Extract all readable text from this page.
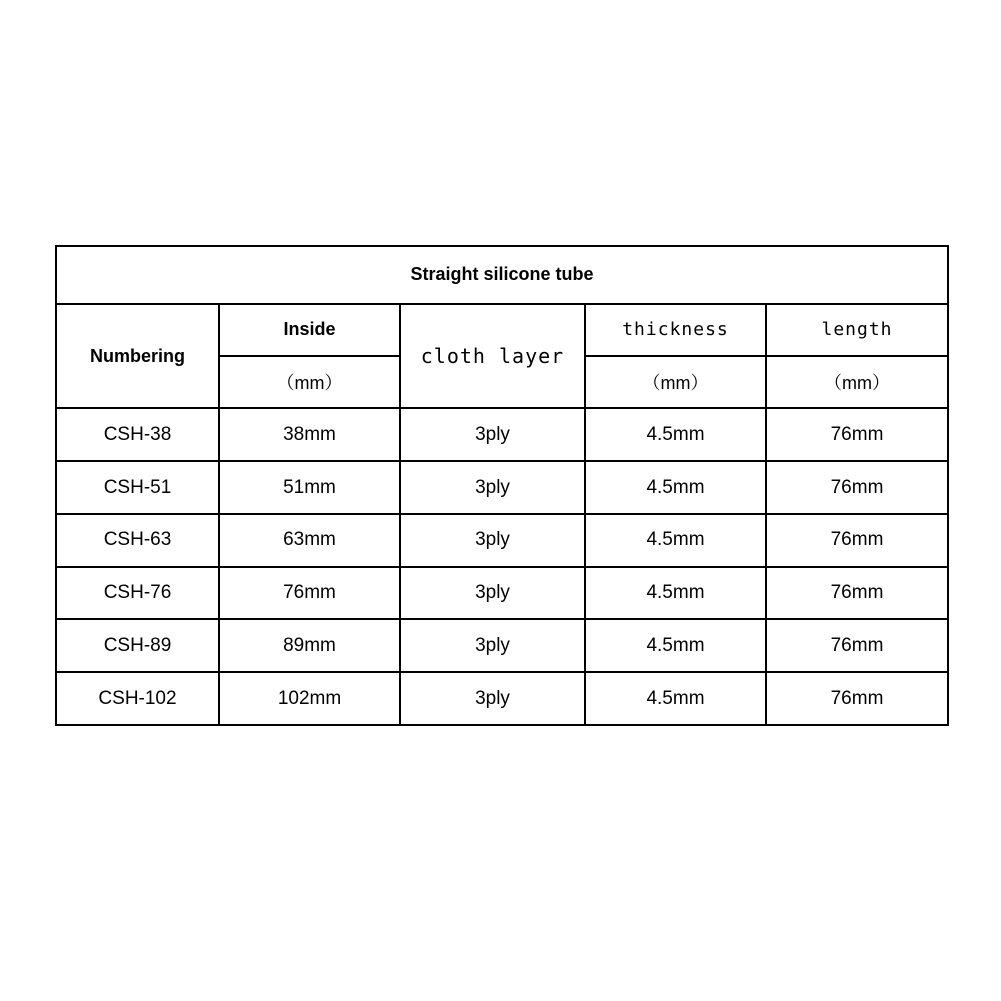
Straight silicone tube				
Numbering	Inside	cloth layer	thickness	length
	（mm）		（mm）	（mm）
CSH-38	38mm	3ply	4.5mm	76mm
CSH-51	51mm	3ply	4.5mm	76mm
CSH-63	63mm	3ply	4.5mm	76mm
CSH-76	76mm	3ply	4.5mm	76mm
CSH-89	89mm	3ply	4.5mm	76mm
CSH-102	102mm	3ply	4.5mm	76mm
